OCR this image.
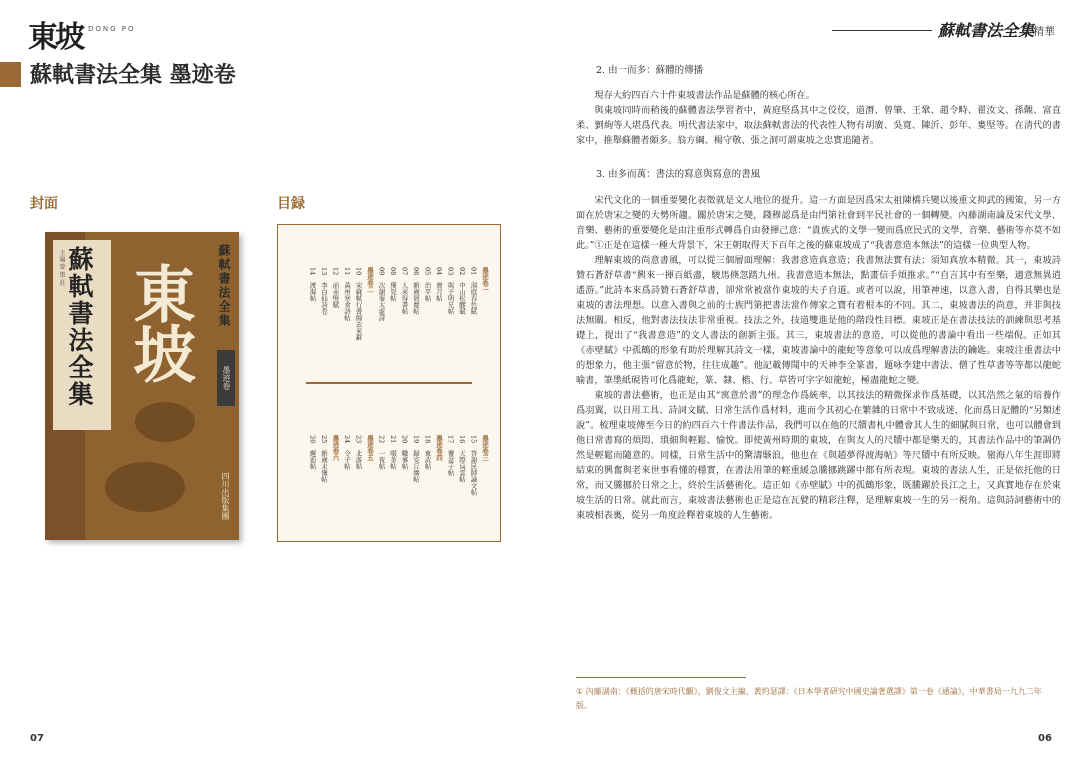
東坡 DONG PO	蘇軾書法全集
精華
蘇軾書法全集 墨迹卷
封面
主編 曾 棗 莊 蘇軾書法全集 東坡	蘇軾書法全集
墨迹卷
四川出版集團
目録
墨迹卷一
01　洞庭春色賦
02　中山松醪賦
03　與子明兄帖
04　寶月帖
05　治平帖
06　新歲展慶帖
07　人來得書帖
08　獲見帖
09　次韻秦太虛詩
墨迹卷二
10　宋蘇軾行書歸去來辭
11　黃州寒食詩帖
12　前赤壁賦
13　李白仙詩卷
14　渡海帖
墨迹卷三
15　答謝民師論文帖
16　天際烏雲帖
17　覆盆子帖
墨迹卷四
18　東武帖
19　歸安丘園帖
20　職事帖
21　啜茶帖
22　一夜帖
墨迹卷五
23　北游帖
24　令子帖
墨迹卷六
25　新歲未獲帖
26　邂逅帖
2. 由一而多：蘇體的傳播

現存大約四百六十件東坡書法作品是蘇體的核心所在。

與東坡同時而稍後的蘇體書法學習者中，黃庭堅爲其中之佼佼，道潛、曾肇、王鞏、趙令畤、翟汝文、孫覿、富直柔、劉絢等人堪爲代表。明代書法家中，取法蘇軾書法的代表性人物有胡廣、吳寬、陳沂、彭年、婁堅等。在清代的書家中，推舉蘇體者頗多。翁方綱、楊守敬、張之洞可謂東坡之忠實追隨者。

3. 由多而萬：書法的寫意與寫意的書風

宋代文化的一個重要變化表徵就是文人地位的提升。這一方面是因爲宋太祖陳橋兵變以後重文抑武的國策，另一方面在於唐宋之變的大勢所趨。關於唐宋之變，錢穆認爲是由門第社會到平民社會的一個轉變。內藤湖南論及宋代文學、音樂、藝術的重要變化是由注重形式轉爲自由發揮己意：“貴族式的文學一變而爲庶民式的文學，音樂、藝術等亦莫不如此。”①正是在這樣一種大背景下，宋王朝取得天下百年之後的蘇東坡成了“我書意造本無法”的這樣一位典型人物。

理解東坡的尚意書風，可以從三個層面理解：我書意造真意造；我書無法實有法；須知真放本精微。其一，東坡詩贊石蒼舒草書“興來一揮百紙盡，駿馬倏忽踏九州。我書意造本無法，點畫信手煩推求。”“自言其中有至樂，適意無異逍遙游。”此詩本來爲詩贊石蒼舒草書，卻常常被當作東坡的夫子自道。或者可以說，用筆神速，以意入書，自得其樂也是東坡的書法理想。以意入書與之前的士族門第把書法當作傳家之寶有着根本的不同。其二，東坡書法的尚意，并非與技法無關。相反，他對書法技法非常重視。技法之外，技道雙進是他的階段性目標。東坡正是在書法技法的訓練與思考基礎上，提出了“我書意造”的文人書法的創新主張。其三，東坡書法的意造，可以從他的書論中看出一些端倪。正如其《赤壁賦》中孤鶴的形象有助於理解其詩文一樣，東坡書論中的龍蛇等意象可以成爲理解書法的鑰匙。東坡注重書法中的想象力，他主張“留意於物，往往成趣”。他記載傳聞中的天神李全篆書，題咏李建中書法、僧了性草書等等都以龍蛇喻書，筆墨紙硯皆可化爲龍蛇，篆、隸、楷、行、草皆可字字如龍蛇，極盡龍蛇之變。

東坡的書法藝術，也正是由其“寓意於書”的理念作爲統率，以其技法的精微探求作爲基礎，以其浩然之氣的培養作爲羽翼，以日用工具、詩詞文賦、日常生活作爲材料，進而令其初心在繁雜的日常中不致成迷，化而爲日記體的“另類述說”。梳理東坡傳至今日的約四百六十件書法作品，我們可以在他的尺牘書札中體會其人生的細膩與日常，也可以體會到他日常書寫的煩悶、瑣細與輕鬆、愉悅。即使黃州時期的東坡，在與友人的尺牘中都是樂天的，其書法作品中的筆調仍然是輕鬆而隨意的。同樣，日常生活中的驚濤駭浪，他也在《與趙夢得渡海帖》等尺牘中有所反映。嶺海八年生涯即將結束的興奮與老來世事看懂的穩實，在書法用筆的輕重緩急騰挪跳躍中都有所表現。東坡的書法人生，正是依托他的日常，而又騰挪於日常之上，終於生活藝術化。這正如《赤壁賦》中的孤鶴形象，既騰躍於長江之上，又真實地存在於東坡生活的日常。就此而言，東坡書法藝術也正是這在瓦甓的精彩注釋，是理解東坡一生的另一視角。這與詩詞藝術中的東坡相表裏，從另一角度詮釋着東坡的人生藝術。

① 內藤湖南：《概括的唐宋時代觀》，劉俊文主編、黃約瑟譯：《日本學者研究中國史論著選譯》第一卷《通論》，中華書局一九九二年版。
07	06
